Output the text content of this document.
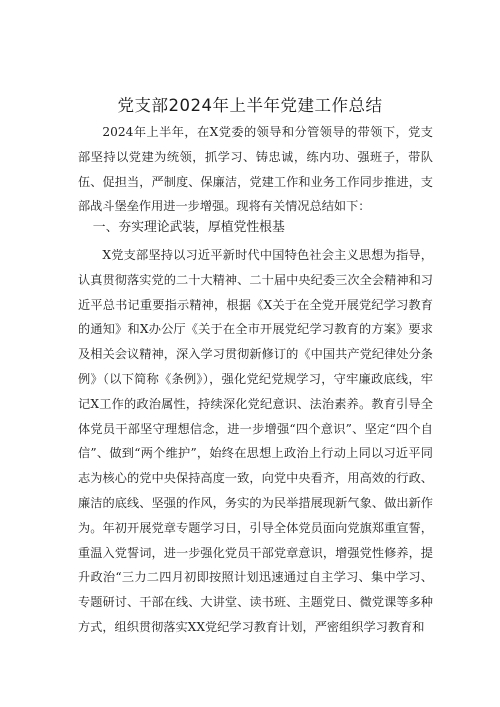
党支部2024年上半年党建工作总结

2024年上半年，在X党委的领导和分管领导的带领下，党支部坚持以党建为统领，抓学习、铸忠诚，练内功、强班子，带队伍、促担当，严制度、保廉洁，党建工作和业务工作同步推进，支部战斗堡垒作用进一步增强。现将有关情况总结如下：

一、夯实理论武装，厚植党性根基

X党支部坚持以习近平新时代中国特色社会主义思想为指导，认真贯彻落实党的二十大精神、二十届中央纪委三次全会精神和习近平总书记重要指示精神，根据《X关于在全党开展党纪学习教育的通知》和X办公厅《关于在全市开展党纪学习教育的方案》要求及相关会议精神，深入学习贯彻新修订的《中国共产党纪律处分条例》（以下简称《条例》），强化党纪党规学习，守牢廉政底线，牢记X工作的政治属性，持续深化党纪意识、法治素养。教育引导全体党员干部坚守理想信念，进一步增强“四个意识”、坚定“四个自信”、做到“两个维护”，始终在思想上政治上行动上同以习近平同志为核心的党中央保持高度一致，向党中央看齐，用高效的行政、廉洁的底线、坚强的作风，务实的为民举措展现新气象、做出新作为。年初开展党章专题学习日，引导全体党员面向党旗郑重宣誓，重温入党誓词，进一步强化党员干部党章意识，增强党性修养，提升政治“三力二四月初即按照计划迅速通过自主学习、集中学习、专题研讨、干部在线、大讲堂、读书班、主题党日、微党课等多种方式，组织贯彻落实XX党纪学习教育计划，严密组织学习教育和
